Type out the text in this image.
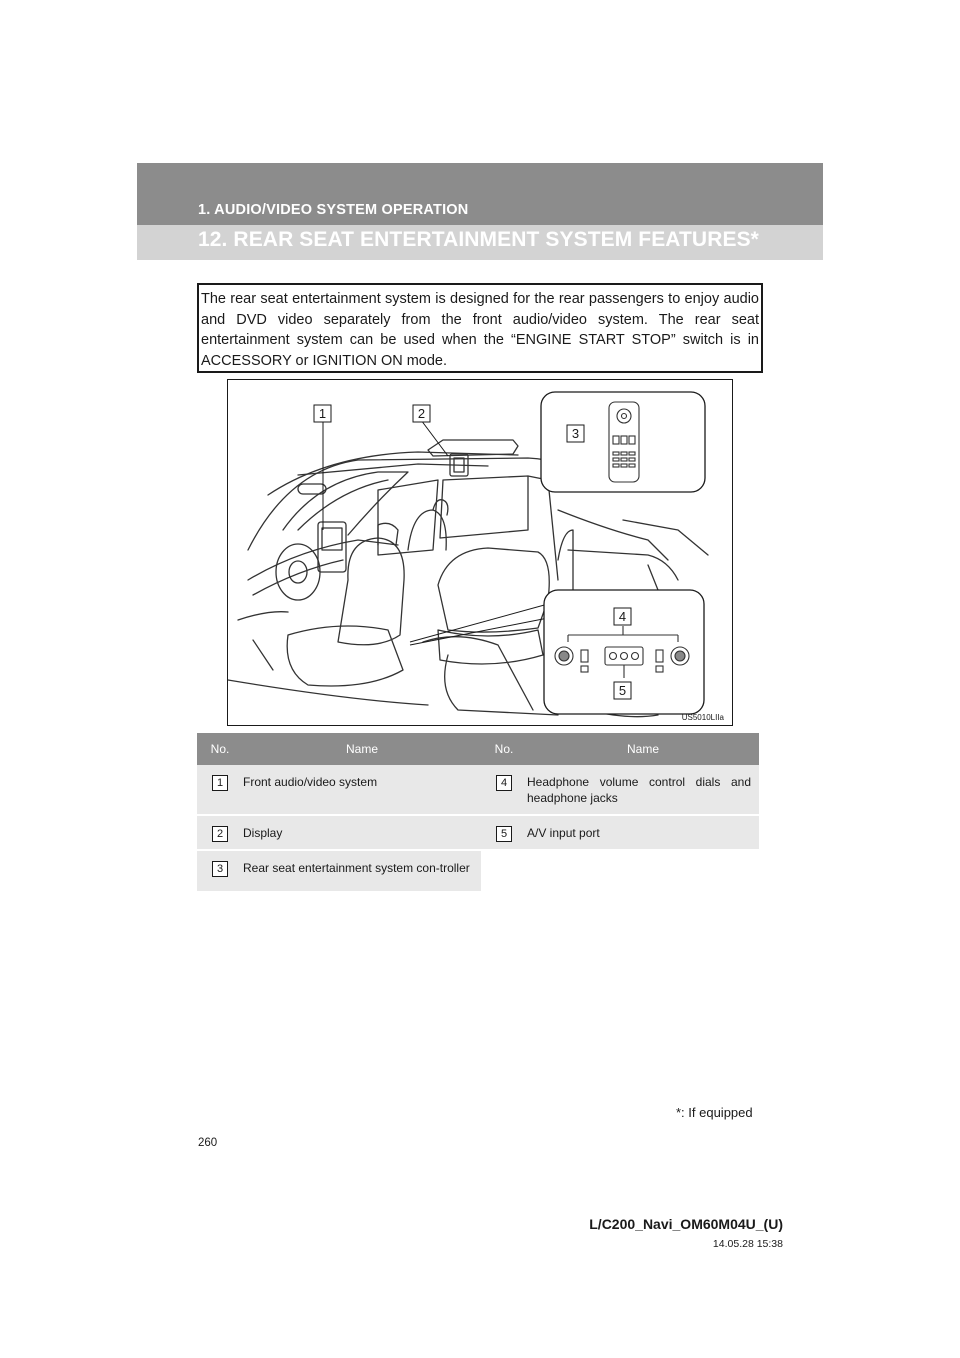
1. AUDIO/VIDEO SYSTEM OPERATION
12. REAR SEAT ENTERTAINMENT SYSTEM FEATURES*

The rear seat entertainment system is designed for the rear passengers to enjoy audio and DVD video separately from the front audio/video system. The rear seat entertainment system can be used when the “ENGINE START STOP” switch is in ACCESSORY or IGNITION ON mode.

1	2
3
4
5
US5010LIIa
No.	Name	No.	Name
1	Front audio/video system	4	Headphone volume control dials and headphone jacks
2	Display	5	A/V input port
3	Rear seat entertainment system con-troller		
*: If equipped
260
L/C200_Navi_OM60M04U_(U)
14.05.28 15:38
